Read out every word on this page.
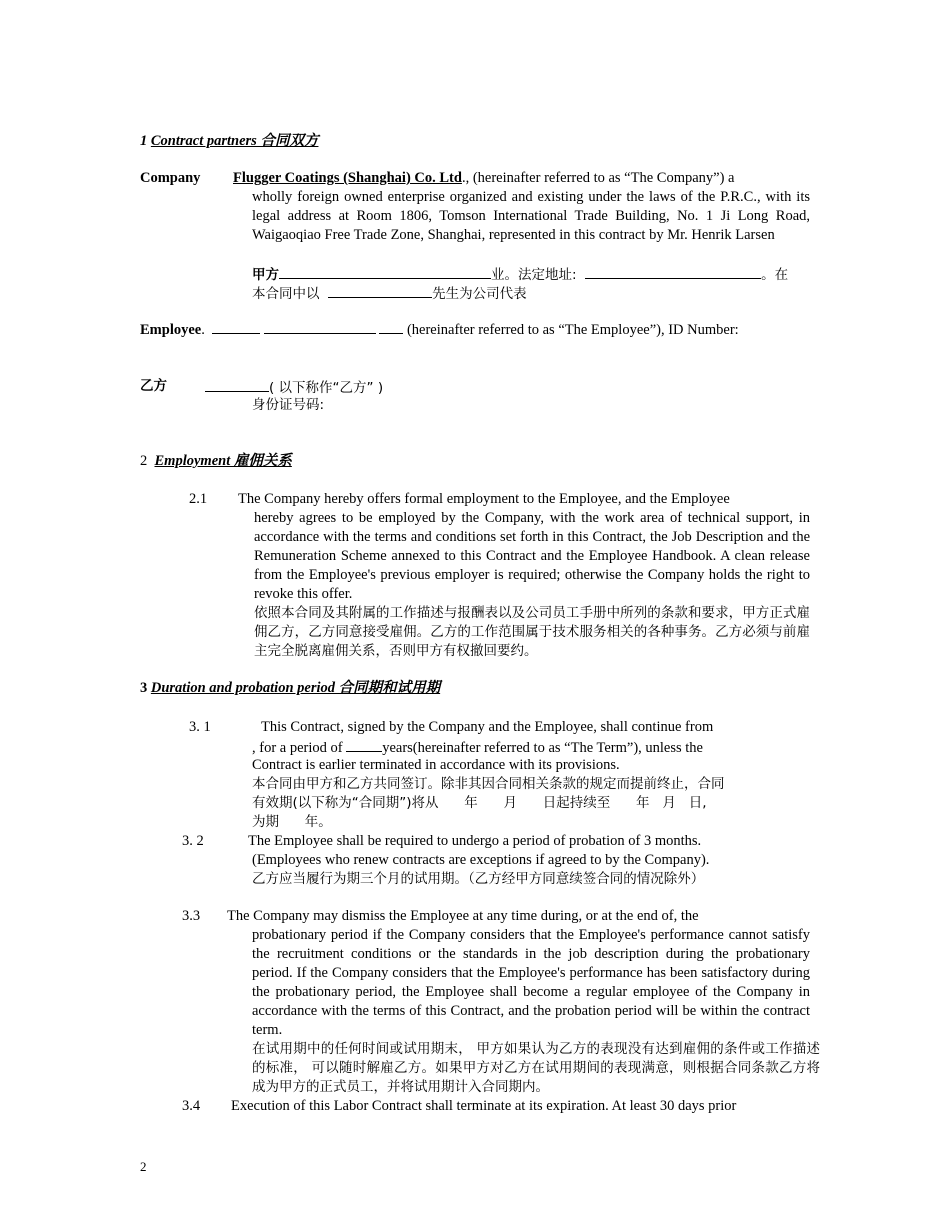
1 Contract partners 合同双方
Company Flugger Coatings (Shanghai) Co. Ltd., (hereinafter referred to as “The Company”) a
wholly foreign owned enterprise organized and existing under the laws of the P.R.C., with its legal address at Room 1806, Tomson International Trade Building, No. 1 Ji Long Road, Waigaoqiao Free Trade Zone, Shanghai, represented in this contract by Mr. Henrik Larsen
甲方	业。法定地址:	。在
本合同中以	先生为公司代表
Employee.	(hereinafter referred to as “The Employee”), ID Number:
乙方	( 以下称作“乙方” )
身份证号码:
2 Employment 雇佣关系
2.1 The Company hereby offers formal employment to the Employee, and the Employee
hereby agrees to be employed by the Company, with the work area of technical support, in accordance with the terms and conditions set forth in this Contract, the Job Description and the Remuneration Scheme annexed to this Contract and the Employee Handbook. A clean release from the Employee's previous employer is required; otherwise the Company holds the right to revoke this offer.
依照本合同及其附属的工作描述与报酬表以及公司员工手册中所列的条款和要求，甲方正式雇佣乙方，乙方同意接受雇佣。乙方的工作范围属于技术服务相关的各种事务。乙方必须与前雇主完全脱离雇佣关系，否则甲方有权撤回要约。
3 Duration and probation period 合同期和试用期
3. 1	This Contract, signed by the Company and the Employee, shall continue from
, for a period of	years(hereinafter referred to as “The Term”), unless the
Contract is earlier terminated in accordance with its provisions.
本合同由甲方和乙方共同签订。除非其因合同相关条款的规定而提前终止，合同
有效期(以下称为“合同期”)将从      年      月      日起持续至      年   月   日,
为期      年。
3. 2	The Employee shall be required to undergo a period of probation of 3 months.
(Employees who renew contracts are exceptions if agreed to by the Company).
乙方应当履行为期三个月的试用期。（乙方经甲方同意续签合同的情况除外）
3.3 The Company may dismiss the Employee at any time during, or at the end of, the
probationary period if the Company considers that the Employee's performance cannot satisfy the recruitment conditions or the standards in the job description during the probationary period. If the Company considers that the Employee's performance has been satisfactory during the probationary period, the Employee shall become a regular employee of the Company in accordance with the terms of this Contract, and the probation period will be within the contract term.
在试用期中的任何时间或试用期末， 甲方如果认为乙方的表现没有达到雇佣的条件或工作描述的标准， 可以随时解雇乙方。如果甲方对乙方在试用期间的表现满意，则根据合同条款乙方将成为甲方的正式员工，并将试用期计入合同期内。
3.4 Execution of this Labor Contract shall terminate at its expiration. At least 30 days prior
2
